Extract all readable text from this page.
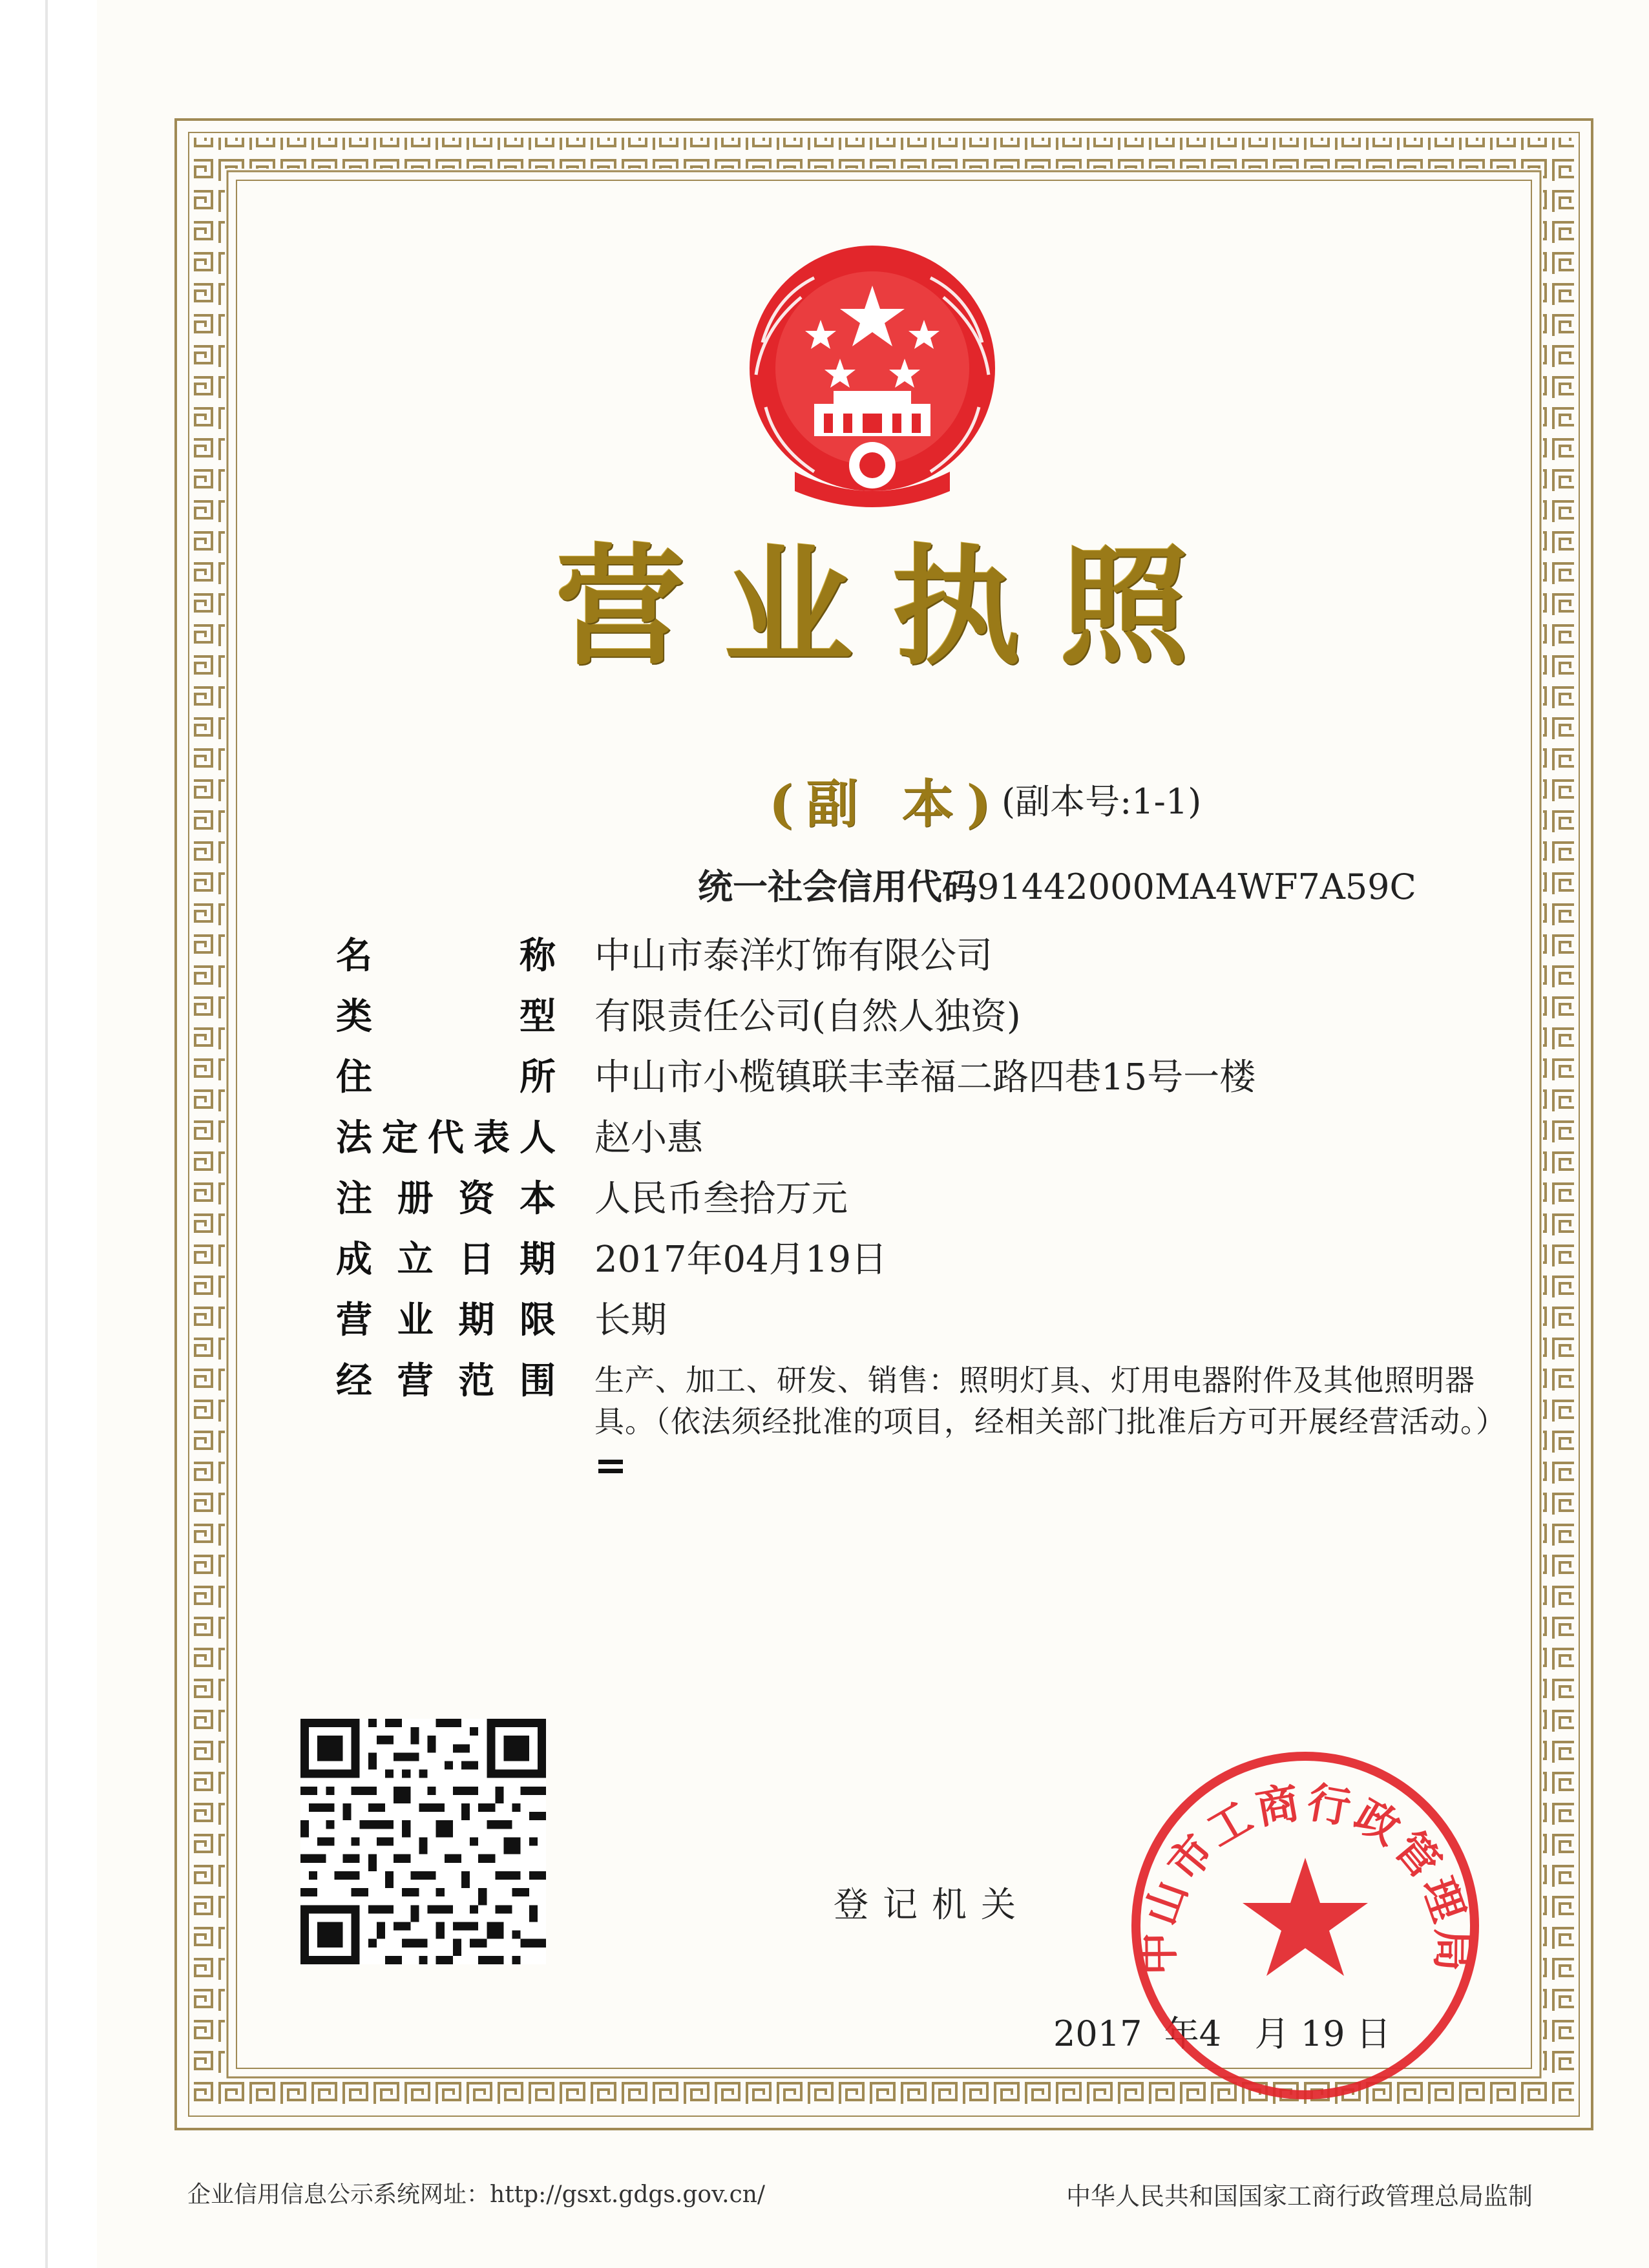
营业执照
(副 本)
(副本号:1-1)
统一社会信用代码91442000MA4WF7A59C
名	称 中山市泰洋灯饰有限公司
类	型 有限责任公司(自然人独资)
住	所 中山市小榄镇联丰幸福二路四巷15号一楼
法 定 代 表 人 赵小惠
注 册 资 本 人民币叁拾万元
成 立 日 期 2017年04月19日
营 业 期 限 长期
经 营 范 围 生产、加工、研发、销售：照明灯具、灯用电器附件及其他照明器具。（依法须经批准的项目，经相关部门批准后方可开展经营活动。）
登记机关
2017  年4   月 19 日
中山市工商行政管理局
企业信用信息公示系统网址：http://gsxt.gdgs.gov.cn/	中华人民共和国国家工商行政管理总局监制
